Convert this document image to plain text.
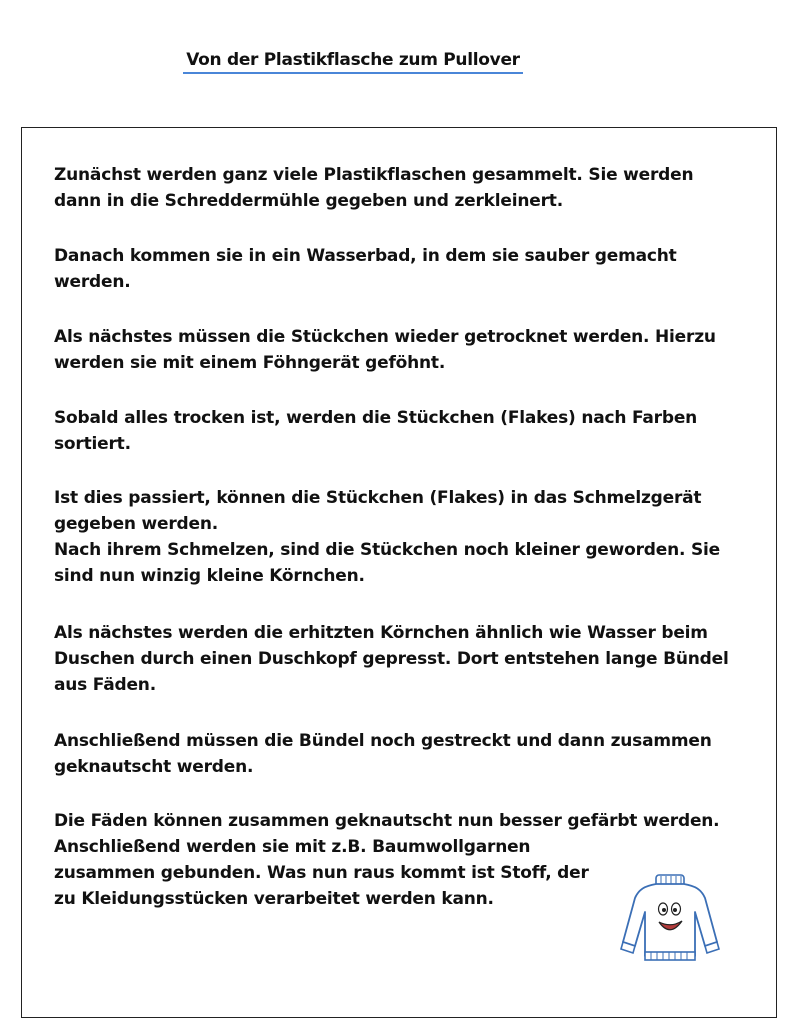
Von der Plastikflasche zum Pullover
Zunächst werden ganz viele Plastikflaschen gesammelt. Sie werden
dann in die Schreddermühle gegeben und zerkleinert.
Danach kommen sie in ein Wasserbad, in dem sie sauber gemacht
werden.
Als nächstes müssen die Stückchen wieder getrocknet werden. Hierzu
werden sie mit einem Föhngerät geföhnt.
Sobald alles trocken ist, werden die Stückchen (Flakes) nach Farben
sortiert.
Ist dies passiert, können die Stückchen (Flakes) in das Schmelzgerät
gegeben werden.
Nach ihrem Schmelzen, sind die Stückchen noch kleiner geworden. Sie
sind nun winzig kleine Körnchen.
Als nächstes werden die erhitzten Körnchen ähnlich wie Wasser beim
Duschen durch einen Duschkopf gepresst. Dort entstehen lange Bündel
aus Fäden.
Anschließend müssen die Bündel noch gestreckt und dann zusammen
geknautscht werden.
Die Fäden können zusammen geknautscht nun besser gefärbt werden.
Anschließend werden sie mit z.B. Baumwollgarnen
zusammen gebunden. Was nun raus kommt ist Stoff, der
zu Kleidungsstücken verarbeitet werden kann.
